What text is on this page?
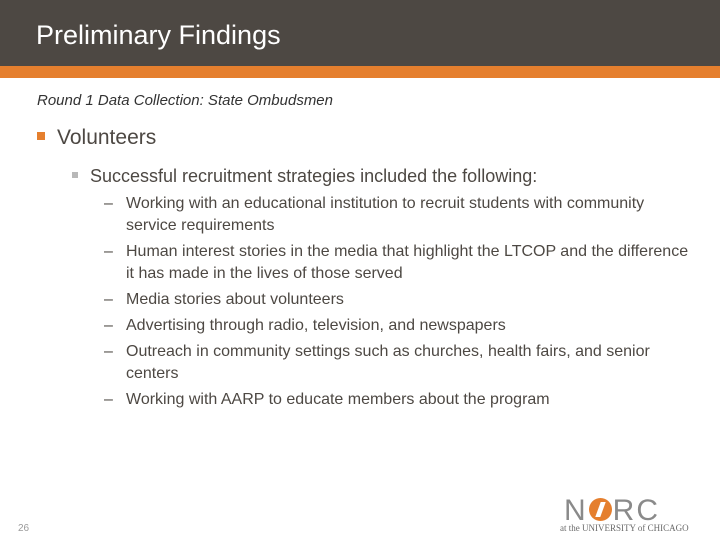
Preliminary Findings
Round 1 Data Collection: State Ombudsmen
Volunteers
Successful recruitment strategies included the following:
– Working with an educational institution to recruit students with community service requirements
– Human interest stories in the media that highlight the LTCOP and the difference it has made in the lives of those served
– Media stories about volunteers
– Advertising through radio, television, and newspapers
– Outreach in community settings such as churches, health fairs, and senior centers
– Working with AARP to educate members about the program
26
N RC
at the UNIVERSITY of CHICAGO
